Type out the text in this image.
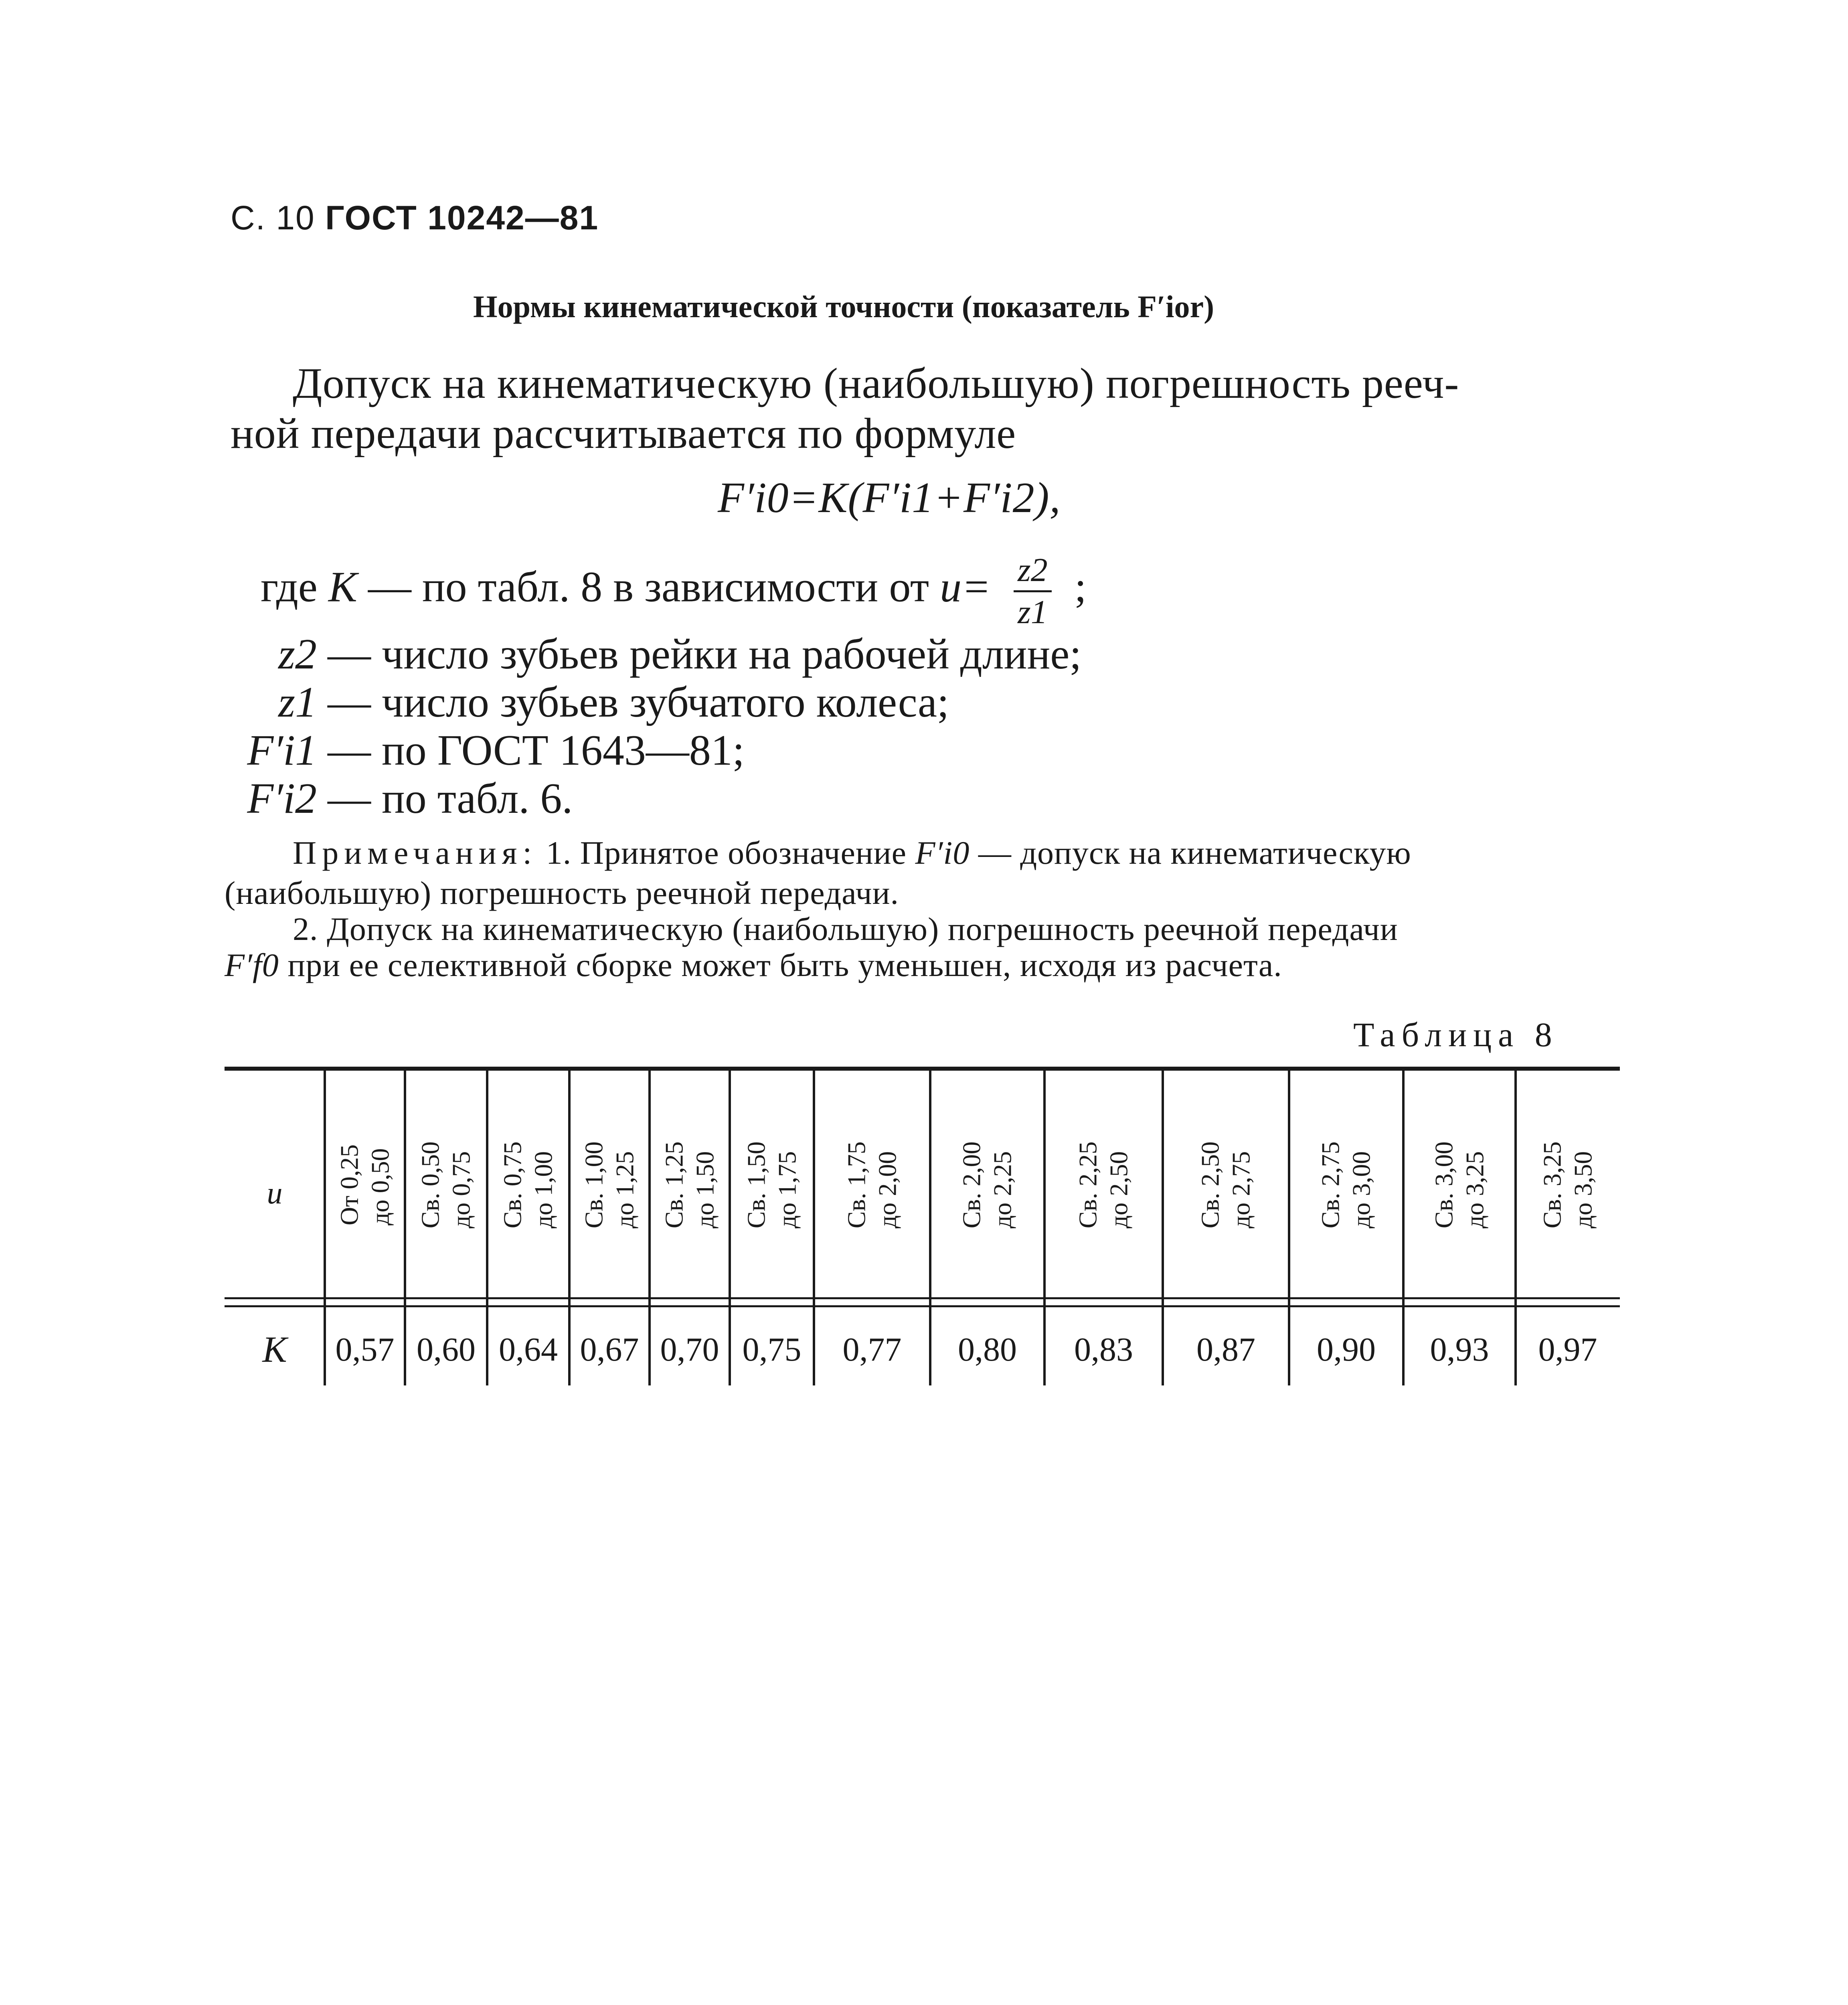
С. 10 ГОСТ 10242—81
Нормы кинематической точности (показатель F′ior)
Допуск на кинематическую (наибольшую) погрешность рееч-
ной передачи рассчитывается по формуле
F′i0=K(F′i1+F′i2),
где K — по табл. 8 в зависимости от $u= \frac{z2}{z1}$ ;
z2 — число зубьев рейки на рабочей длине;
z1 — число зубьев зубчатого колеса;
F′i1 — по ГОСТ 1643—81;
F′i2 — по табл. 6.
Примечания: 1. Принятое обозначение F′i0 — допуск на кинематическую
(наибольшую) погрешность реечной передачи.
2. Допуск на кинематическую (наибольшую) погрешность реечной передачи
F′f0 при ее селективной сборке может быть уменьшен, исходя из расчета.
Таблица 8
u
K
От 0,25 до 0,50
0,57
Св. 0,50 до 0,75
0,60
Св. 0,75 до 1,00
0,64
Св. 1,00 до 1,25
0,67
Св. 1,25 до 1,50
0,70
Св. 1,50 до 1,75
0,75
Св. 1,75 до 2,00
0,77
Св. 2,00 до 2,25
0,80
Св. 2,25 до 2,50
0,83
Св. 2,50 до 2,75
0,87
Св. 2,75 до 3,00
0,90
Св. 3,00 до 3,25
0,93
Св. 3,25 до 3,50
0,97
